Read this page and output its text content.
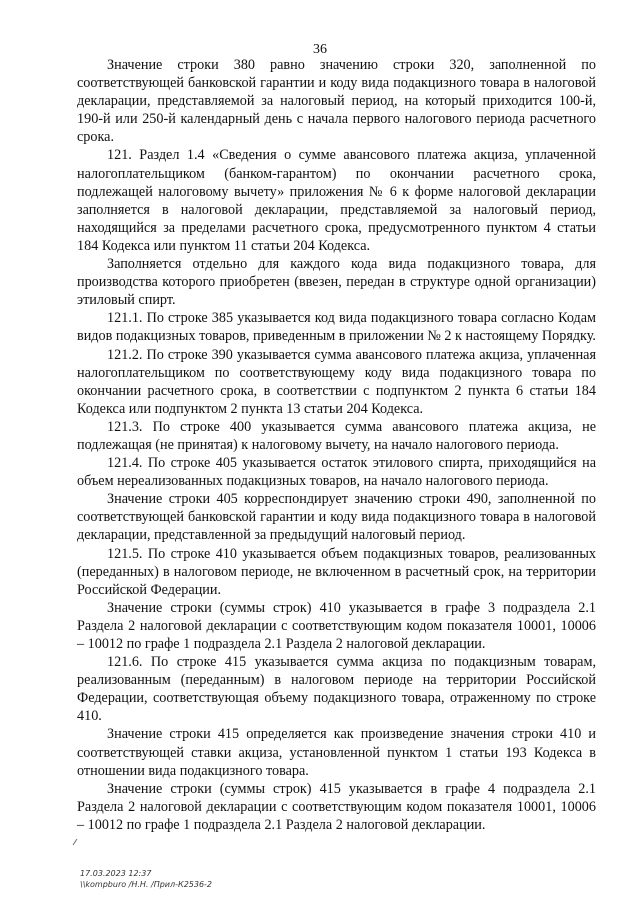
36

Значение строки 380 равно значению строки 320, заполненной по соответствующей банковской гарантии и коду вида подакцизного товара в налоговой декларации, представляемой за налоговый период, на который приходится 100-й, 190-й или 250-й календарный день с начала первого налогового периода расчетного срока.

121. Раздел 1.4 «Сведения о сумме авансового платежа акциза, уплаченной налогоплательщиком (банком-гарантом) по окончании расчетного срока, подлежащей налоговому вычету» приложения № 6 к форме налоговой декларации заполняется в налоговой декларации, представляемой за налоговый период, находящийся за пределами расчетного срока, предусмотренного пунктом 4 статьи 184 Кодекса или пунктом 11 статьи 204 Кодекса.

Заполняется отдельно для каждого кода вида подакцизного товара, для производства которого приобретен (ввезен, передан в структуре одной организации) этиловый спирт.

121.1. По строке 385 указывается код вида подакцизного товара согласно Кодам видов подакцизных товаров, приведенным в приложении № 2 к настоящему Порядку.

121.2. По строке 390 указывается сумма авансового платежа акциза, уплаченная налогоплательщиком по соответствующему коду вида подакцизного товара по окончании расчетного срока, в соответствии с подпунктом 2 пункта 6 статьи 184 Кодекса или подпунктом 2 пункта 13 статьи 204 Кодекса.

121.3. По строке 400 указывается сумма авансового платежа акциза, не подлежащая (не принятая) к налоговому вычету, на начало налогового периода.

121.4. По строке 405 указывается остаток этилового спирта, приходящийся на объем нереализованных подакцизных товаров, на начало налогового периода.

Значение строки 405 корреспондирует значению строки 490, заполненной по соответствующей банковской гарантии и коду вида подакцизного товара в налоговой декларации, представленной за предыдущий налоговый период.

121.5. По строке 410 указывается объем подакцизных товаров, реализованных (переданных) в налоговом периоде, не включенном в расчетный срок, на территории Российской Федерации.

Значение строки (суммы строк) 410 указывается в графе 3 подраздела 2.1 Раздела 2 налоговой декларации с соответствующим кодом показателя 10001, 10006 – 10012 по графе 1 подраздела 2.1 Раздела 2 налоговой декларации.

121.6. По строке 415 указывается сумма акциза по подакцизным товарам, реализованным (переданным) в налоговом периоде на территории Российской Федерации, соответствующая объему подакцизного товара, отраженному по строке 410.

Значение строки 415 определяется как произведение значения строки 410 и соответствующей ставки акциза, установленной пунктом 1 статьи 193 Кодекса в отношении вида подакцизного товара.

Значение строки (суммы строк) 415 указывается в графе 4 подраздела 2.1 Раздела 2 налоговой декларации с соответствующим кодом показателя 10001, 10006 – 10012 по графе 1 подраздела 2.1 Раздела 2 налоговой декларации.

17.03.2023 12:37
\\kompburo /Н.Н. /Прил-К2536-2
